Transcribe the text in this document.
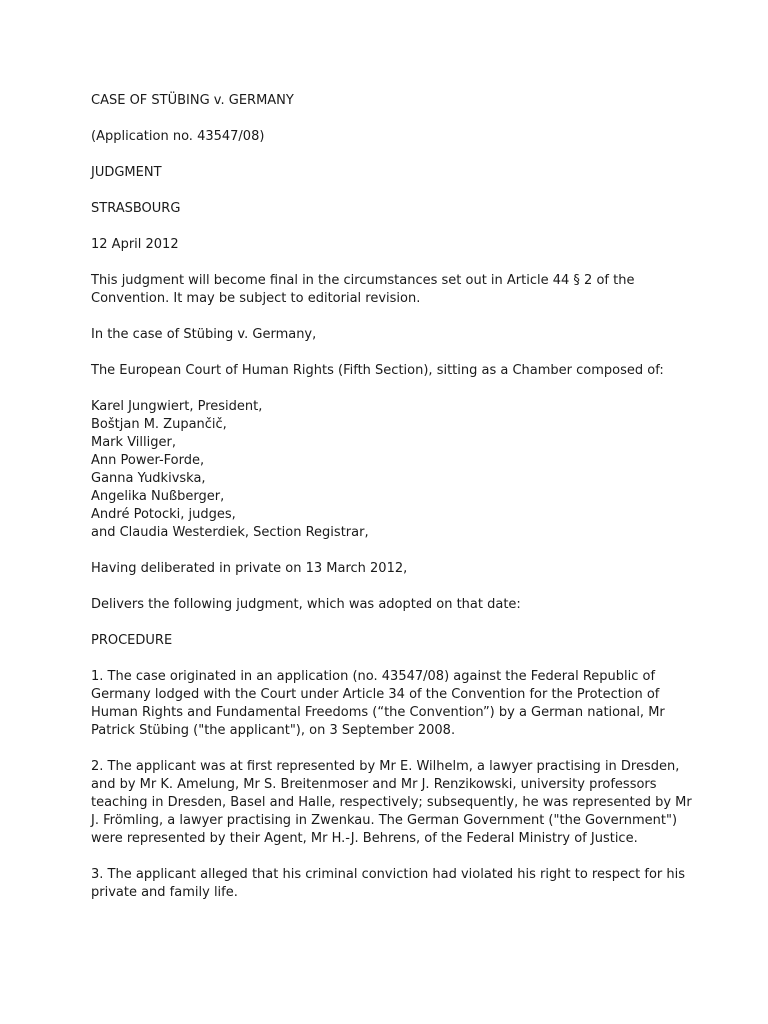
CASE OF STÜBING v. GERMANY

(Application no. 43547/08)

JUDGMENT

STRASBOURG

12 April 2012

This judgment will become final in the circumstances set out in Article 44 § 2 of the
Convention. It may be subject to editorial revision.

In the case of Stübing v. Germany,

The European Court of Human Rights (Fifth Section), sitting as a Chamber composed of:

Karel Jungwiert, President,
Boštjan M. Zupančič,
Mark Villiger,
Ann Power-Forde,
Ganna Yudkivska,
Angelika Nußberger,
André Potocki, judges,
and Claudia Westerdiek, Section Registrar,

Having deliberated in private on 13 March 2012,

Delivers the following judgment, which was adopted on that date:

PROCEDURE

1. The case originated in an application (no. 43547/08) against the Federal Republic of
Germany lodged with the Court under Article 34 of the Convention for the Protection of
Human Rights and Fundamental Freedoms (“the Convention”) by a German national, Mr
Patrick Stübing ("the applicant"), on 3 September 2008.

2. The applicant was at first represented by Mr E. Wilhelm, a lawyer practising in Dresden,
and by Mr K. Amelung, Mr S. Breitenmoser and Mr J. Renzikowski, university professors
teaching in Dresden, Basel and Halle, respectively; subsequently, he was represented by Mr
J. Frömling, a lawyer practising in Zwenkau. The German Government ("the Government")
were represented by their Agent, Mr H.-J. Behrens, of the Federal Ministry of Justice.

3. The applicant alleged that his criminal conviction had violated his right to respect for his
private and family life.
